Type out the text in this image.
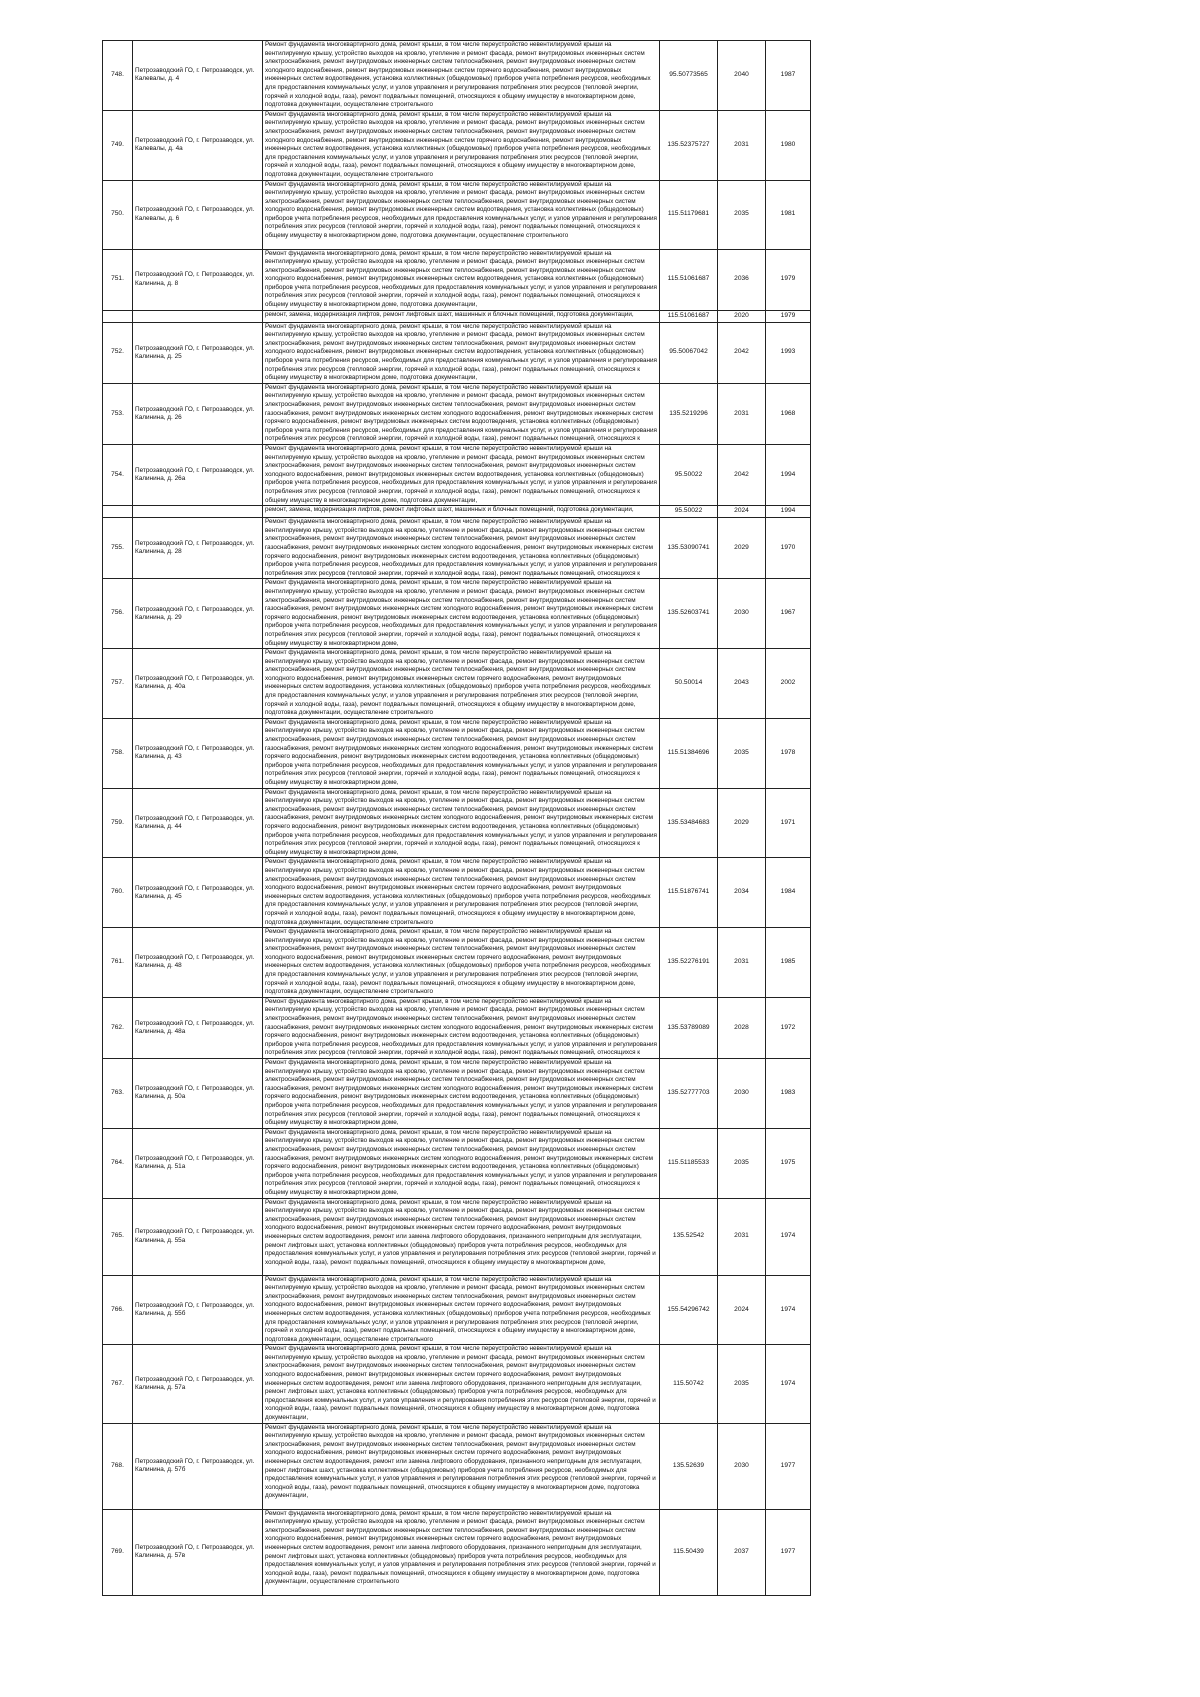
748.	Петрозаводский ГО, г. Петрозаводск, ул. Калевалы, д. 4	Ремонт фундамента многоквартирного дома, ремонт крыши, в том числе переустройство невентилируемой крыши на вентилируемую крышу, устройство выходов на кровлю, утепление и ремонт фасада, ремонт внутридомовых инженерных систем электроснабжения, ремонт внутридомовых инженерных систем теплоснабжения, ремонт внутридомовых инженерных систем холодного водоснабжения, ремонт внутридомовых инженерных систем горячего водоснабжения, ремонт внутридомовых инженерных систем водоотведения, установка коллективных (общедомовых) приборов учета потребления ресурсов, необходимых для предоставления коммунальных услуг, и узлов управления и регулирования потребления этих ресурсов (тепловой энергии, горячей и холодной воды, газа), ремонт подвальных помещений, относящихся к общему имуществу в многоквартирном доме, подготовка документации, осуществление строительного	95.50773565	2040	1987
749.	Петрозаводский ГО, г. Петрозаводск, ул. Калевалы, д. 4а	Ремонт фундамента многоквартирного дома, ремонт крыши, в том числе переустройство невентилируемой крыши на вентилируемую крышу, устройство выходов на кровлю, утепление и ремонт фасада, ремонт внутридомовых инженерных систем электроснабжения, ремонт внутридомовых инженерных систем теплоснабжения, ремонт внутридомовых инженерных систем холодного водоснабжения, ремонт внутридомовых инженерных систем горячего водоснабжения, ремонт внутридомовых инженерных систем водоотведения, установка коллективных (общедомовых) приборов учета потребления ресурсов, необходимых для предоставления коммунальных услуг, и узлов управления и регулирования потребления этих ресурсов (тепловой энергии, горячей и холодной воды, газа), ремонт подвальных помещений, относящихся к общему имуществу в многоквартирном доме, подготовка документации, осуществление строительного	135.52375727	2031	1980
750.	Петрозаводский ГО, г. Петрозаводск, ул. Калевалы, д. 6	Ремонт фундамента многоквартирного дома, ремонт крыши, в том числе переустройство невентилируемой крыши на вентилируемую крышу, устройство выходов на кровлю, утепление и ремонт фасада, ремонт внутридомовых инженерных систем электроснабжения, ремонт внутридомовых инженерных систем теплоснабжения, ремонт внутридомовых инженерных систем холодного водоснабжения, ремонт внутридомовых инженерных систем водоотведения, установка коллективных (общедомовых) приборов учета потребления ресурсов, необходимых для предоставления коммунальных услуг, и узлов управления и регулирования потребления этих ресурсов (тепловой энергии, горячей и холодной воды, газа), ремонт подвальных помещений, относящихся к общему имуществу в многоквартирном доме, подготовка документации, осуществление строительного	115.51179681	2035	1981
751.	Петрозаводский ГО, г. Петрозаводск, ул. Калинина, д. 8	Ремонт фундамента многоквартирного дома, ремонт крыши, в том числе переустройство невентилируемой крыши на вентилируемую крышу, устройство выходов на кровлю, утепление и ремонт фасада, ремонт внутридомовых инженерных систем электроснабжения, ремонт внутридомовых инженерных систем теплоснабжения, ремонт внутридомовых инженерных систем холодного водоснабжения, ремонт внутридомовых инженерных систем водоотведения, установка коллективных (общедомовых) приборов учета потребления ресурсов, необходимых для предоставления коммунальных услуг, и узлов управления и регулирования потребления этих ресурсов (тепловой энергии, горячей и холодной воды, газа), ремонт подвальных помещений, относящихся к общему имуществу в многоквартирном доме, подготовка документации,	115.51061687	2036	1979

		ремонт, замена, модернизация лифтов, ремонт лифтовых шахт, машинных и блочных помещений, подготовка документации,	115.51061687	2020	1979
752.	Петрозаводский ГО, г. Петрозаводск, ул. Калинина, д. 25	Ремонт фундамента многоквартирного дома, ремонт крыши, в том числе переустройство невентилируемой крыши на вентилируемую крышу, устройство выходов на кровлю, утепление и ремонт фасада, ремонт внутридомовых инженерных систем электроснабжения, ремонт внутридомовых инженерных систем теплоснабжения, ремонт внутридомовых инженерных систем холодного водоснабжения, ремонт внутридомовых инженерных систем водоотведения, установка коллективных (общедомовых) приборов учета потребления ресурсов, необходимых для предоставления коммунальных услуг, и узлов управления и регулирования потребления этих ресурсов (тепловой энергии, горячей и холодной воды, газа), ремонт подвальных помещений, относящихся к общему имуществу в многоквартирном доме, подготовка документации,	95.50067042	2042	1993
753.	Петрозаводский ГО, г. Петрозаводск, ул. Калинина, д. 26	Ремонт фундамента многоквартирного дома, ремонт крыши, в том числе переустройство невентилируемой крыши на вентилируемую крышу, устройство выходов на кровлю, утепление и ремонт фасада, ремонт внутридомовых инженерных систем электроснабжения, ремонт внутридомовых инженерных систем теплоснабжения, ремонт внутридомовых инженерных систем газоснабжения, ремонт внутридомовых инженерных систем холодного водоснабжения, ремонт внутридомовых инженерных систем горячего водоснабжения, ремонт внутридомовых инженерных систем водоотведения, установка коллективных (общедомовых) приборов учета потребления ресурсов, необходимых для предоставления коммунальных услуг, и узлов управления и регулирования потребления этих ресурсов (тепловой энергии, горячей и холодной воды, газа), ремонт подвальных помещений, относящихся к	135.5219296	2031	1968
754.	Петрозаводский ГО, г. Петрозаводск, ул. Калинина, д. 26а	Ремонт фундамента многоквартирного дома, ремонт крыши, в том числе переустройство невентилируемой крыши на вентилируемую крышу, устройство выходов на кровлю, утепление и ремонт фасада, ремонт внутридомовых инженерных систем электроснабжения, ремонт внутридомовых инженерных систем теплоснабжения, ремонт внутридомовых инженерных систем холодного водоснабжения, ремонт внутридомовых инженерных систем водоотведения, установка коллективных (общедомовых) приборов учета потребления ресурсов, необходимых для предоставления коммунальных услуг, и узлов управления и регулирования потребления этих ресурсов (тепловой энергии, горячей и холодной воды, газа), ремонт подвальных помещений, относящихся к общему имуществу в многоквартирном доме, подготовка документации,	95.50022	2042	1994

		ремонт, замена, модернизация лифтов, ремонт лифтовых шахт, машинных и блочных помещений, подготовка документации,	95.50022	2024	1994
755.	Петрозаводский ГО, г. Петрозаводск, ул. Калинина, д. 28	Ремонт фундамента многоквартирного дома, ремонт крыши, в том числе переустройство невентилируемой крыши на вентилируемую крышу, устройство выходов на кровлю, утепление и ремонт фасада, ремонт внутридомовых инженерных систем электроснабжения, ремонт внутридомовых инженерных систем теплоснабжения, ремонт внутридомовых инженерных систем газоснабжения, ремонт внутридомовых инженерных систем холодного водоснабжения, ремонт внутридомовых инженерных систем горячего водоснабжения, ремонт внутридомовых инженерных систем водоотведения, установка коллективных (общедомовых) приборов учета потребления ресурсов, необходимых для предоставления коммунальных услуг, и узлов управления и регулирования потребления этих ресурсов (тепловой энергии, горячей и холодной воды, газа), ремонт подвальных помещений, относящихся к	135.53090741	2029	1970
756.	Петрозаводский ГО, г. Петрозаводск, ул. Калинина, д. 29	Ремонт фундамента многоквартирного дома, ремонт крыши, в том числе переустройство невентилируемой крыши на вентилируемую крышу, устройство выходов на кровлю, утепление и ремонт фасада, ремонт внутридомовых инженерных систем электроснабжения, ремонт внутридомовых инженерных систем теплоснабжения, ремонт внутридомовых инженерных систем газоснабжения, ремонт внутридомовых инженерных систем холодного водоснабжения, ремонт внутридомовых инженерных систем горячего водоснабжения, ремонт внутридомовых инженерных систем водоотведения, установка коллективных (общедомовых) приборов учета потребления ресурсов, необходимых для предоставления коммунальных услуг, и узлов управления и регулирования потребления этих ресурсов (тепловой энергии, горячей и холодной воды, газа), ремонт подвальных помещений, относящихся к общему имуществу в многоквартирном доме,	135.52603741	2030	1967
757.	Петрозаводский ГО, г. Петрозаводск, ул. Калинина, д. 40а	Ремонт фундамента многоквартирного дома, ремонт крыши, в том числе переустройство невентилируемой крыши на вентилируемую крышу, устройство выходов на кровлю, утепление и ремонт фасада, ремонт внутридомовых инженерных систем электроснабжения, ремонт внутридомовых инженерных систем теплоснабжения, ремонт внутридомовых инженерных систем холодного водоснабжения, ремонт внутридомовых инженерных систем горячего водоснабжения, ремонт внутридомовых инженерных систем водоотведения, установка коллективных (общедомовых) приборов учета потребления ресурсов, необходимых для предоставления коммунальных услуг, и узлов управления и регулирования потребления этих ресурсов (тепловой энергии, горячей и холодной воды, газа), ремонт подвальных помещений, относящихся к общему имуществу в многоквартирном доме, подготовка документации, осуществление строительного	50.50014	2043	2002
758.	Петрозаводский ГО, г. Петрозаводск, ул. Калинина, д. 43	Ремонт фундамента многоквартирного дома, ремонт крыши, в том числе переустройство невентилируемой крыши на вентилируемую крышу, устройство выходов на кровлю, утепление и ремонт фасада, ремонт внутридомовых инженерных систем электроснабжения, ремонт внутридомовых инженерных систем теплоснабжения, ремонт внутридомовых инженерных систем газоснабжения, ремонт внутридомовых инженерных систем холодного водоснабжения, ремонт внутридомовых инженерных систем горячего водоснабжения, ремонт внутридомовых инженерных систем водоотведения, установка коллективных (общедомовых) приборов учета потребления ресурсов, необходимых для предоставления коммунальных услуг, и узлов управления и регулирования потребления этих ресурсов (тепловой энергии, горячей и холодной воды, газа), ремонт подвальных помещений, относящихся к общему имуществу в многоквартирном доме,	115.51384696	2035	1978
759.	Петрозаводский ГО, г. Петрозаводск, ул. Калинина, д. 44	Ремонт фундамента многоквартирного дома, ремонт крыши, в том числе переустройство невентилируемой крыши на вентилируемую крышу, устройство выходов на кровлю, утепление и ремонт фасада, ремонт внутридомовых инженерных систем электроснабжения, ремонт внутридомовых инженерных систем теплоснабжения, ремонт внутридомовых инженерных систем газоснабжения, ремонт внутридомовых инженерных систем холодного водоснабжения, ремонт внутридомовых инженерных систем горячего водоснабжения, ремонт внутридомовых инженерных систем водоотведения, установка коллективных (общедомовых) приборов учета потребления ресурсов, необходимых для предоставления коммунальных услуг, и узлов управления и регулирования потребления этих ресурсов (тепловой энергии, горячей и холодной воды, газа), ремонт подвальных помещений, относящихся к общему имуществу в многоквартирном доме,	135.53484683	2029	1971
760.	Петрозаводский ГО, г. Петрозаводск, ул. Калинина, д. 45	Ремонт фундамента многоквартирного дома, ремонт крыши, в том числе переустройство невентилируемой крыши на вентилируемую крышу, устройство выходов на кровлю, утепление и ремонт фасада, ремонт внутридомовых инженерных систем электроснабжения, ремонт внутридомовых инженерных систем теплоснабжения, ремонт внутридомовых инженерных систем холодного водоснабжения, ремонт внутридомовых инженерных систем горячего водоснабжения, ремонт внутридомовых инженерных систем водоотведения, установка коллективных (общедомовых) приборов учета потребления ресурсов, необходимых для предоставления коммунальных услуг, и узлов управления и регулирования потребления этих ресурсов (тепловой энергии, горячей и холодной воды, газа), ремонт подвальных помещений, относящихся к общему имуществу в многоквартирном доме, подготовка документации, осуществление строительного	115.51876741	2034	1984
761.	Петрозаводский ГО, г. Петрозаводск, ул. Калинина, д. 48	Ремонт фундамента многоквартирного дома, ремонт крыши, в том числе переустройство невентилируемой крыши на вентилируемую крышу, устройство выходов на кровлю, утепление и ремонт фасада, ремонт внутридомовых инженерных систем электроснабжения, ремонт внутридомовых инженерных систем теплоснабжения, ремонт внутридомовых инженерных систем холодного водоснабжения, ремонт внутридомовых инженерных систем горячего водоснабжения, ремонт внутридомовых инженерных систем водоотведения, установка коллективных (общедомовых) приборов учета потребления ресурсов, необходимых для предоставления коммунальных услуг, и узлов управления и регулирования потребления этих ресурсов (тепловой энергии, горячей и холодной воды, газа), ремонт подвальных помещений, относящихся к общему имуществу в многоквартирном доме, подготовка документации, осуществление строительного	135.52276191	2031	1985
762.	Петрозаводский ГО, г. Петрозаводск, ул. Калинина, д. 48а	Ремонт фундамента многоквартирного дома, ремонт крыши, в том числе переустройство невентилируемой крыши на вентилируемую крышу, устройство выходов на кровлю, утепление и ремонт фасада, ремонт внутридомовых инженерных систем электроснабжения, ремонт внутридомовых инженерных систем теплоснабжения, ремонт внутридомовых инженерных систем газоснабжения, ремонт внутридомовых инженерных систем холодного водоснабжения, ремонт внутридомовых инженерных систем горячего водоснабжения, ремонт внутридомовых инженерных систем водоотведения, установка коллективных (общедомовых) приборов учета потребления ресурсов, необходимых для предоставления коммунальных услуг, и узлов управления и регулирования потребления этих ресурсов (тепловой энергии, горячей и холодной воды, газа), ремонт подвальных помещений, относящихся к	135.53789089	2028	1972
763.	Петрозаводский ГО, г. Петрозаводск, ул. Калинина, д. 50а	Ремонт фундамента многоквартирного дома, ремонт крыши, в том числе переустройство невентилируемой крыши на вентилируемую крышу, устройство выходов на кровлю, утепление и ремонт фасада, ремонт внутридомовых инженерных систем электроснабжения, ремонт внутридомовых инженерных систем теплоснабжения, ремонт внутридомовых инженерных систем газоснабжения, ремонт внутридомовых инженерных систем холодного водоснабжения, ремонт внутридомовых инженерных систем горячего водоснабжения, ремонт внутридомовых инженерных систем водоотведения, установка коллективных (общедомовых) приборов учета потребления ресурсов, необходимых для предоставления коммунальных услуг, и узлов управления и регулирования потребления этих ресурсов (тепловой энергии, горячей и холодной воды, газа), ремонт подвальных помещений, относящихся к общему имуществу в многоквартирном доме,	135.52777703	2030	1983
764.	Петрозаводский ГО, г. Петрозаводск, ул. Калинина, д. 51а	Ремонт фундамента многоквартирного дома, ремонт крыши, в том числе переустройство невентилируемой крыши на вентилируемую крышу, устройство выходов на кровлю, утепление и ремонт фасада, ремонт внутридомовых инженерных систем электроснабжения, ремонт внутридомовых инженерных систем теплоснабжения, ремонт внутридомовых инженерных систем газоснабжения, ремонт внутридомовых инженерных систем холодного водоснабжения, ремонт внутридомовых инженерных систем горячего водоснабжения, ремонт внутридомовых инженерных систем водоотведения, установка коллективных (общедомовых) приборов учета потребления ресурсов, необходимых для предоставления коммунальных услуг, и узлов управления и регулирования потребления этих ресурсов (тепловой энергии, горячей и холодной воды, газа), ремонт подвальных помещений, относящихся к общему имуществу в многоквартирном доме,	115.51185533	2035	1975
765.	Петрозаводский ГО, г. Петрозаводск, ул. Калинина, д. 55а	Ремонт фундамента многоквартирного дома, ремонт крыши, в том числе переустройство невентилируемой крыши на вентилируемую крышу, устройство выходов на кровлю, утепление и ремонт фасада, ремонт внутридомовых инженерных систем электроснабжения, ремонт внутридомовых инженерных систем теплоснабжения, ремонт внутридомовых инженерных систем холодного водоснабжения, ремонт внутридомовых инженерных систем горячего водоснабжения, ремонт внутридомовых инженерных систем водоотведения, ремонт или замена лифтового оборудования, признанного непригодным для эксплуатации, ремонт лифтовых шахт, установка коллективных (общедомовых) приборов учета потребления ресурсов, необходимых для предоставления коммунальных услуг, и узлов управления и регулирования потребления этих ресурсов (тепловой энергии, горячей и холодной воды, газа), ремонт подвальных помещений, относящихся к общему имуществу в многоквартирном доме,	135.52542	2031	1974
766.	Петрозаводский ГО, г. Петрозаводск, ул. Калинина, д. 55б	Ремонт фундамента многоквартирного дома, ремонт крыши, в том числе переустройство невентилируемой крыши на вентилируемую крышу, устройство выходов на кровлю, утепление и ремонт фасада, ремонт внутридомовых инженерных систем электроснабжения, ремонт внутридомовых инженерных систем теплоснабжения, ремонт внутридомовых инженерных систем холодного водоснабжения, ремонт внутридомовых инженерных систем горячего водоснабжения, ремонт внутридомовых инженерных систем водоотведения, установка коллективных (общедомовых) приборов учета потребления ресурсов, необходимых для предоставления коммунальных услуг, и узлов управления и регулирования потребления этих ресурсов (тепловой энергии, горячей и холодной воды, газа), ремонт подвальных помещений, относящихся к общему имуществу в многоквартирном доме, подготовка документации, осуществление строительного	155.54296742	2024	1974
767.	Петрозаводский ГО, г. Петрозаводск, ул. Калинина, д. 57а	Ремонт фундамента многоквартирного дома, ремонт крыши, в том числе переустройство невентилируемой крыши на вентилируемую крышу, устройство выходов на кровлю, утепление и ремонт фасада, ремонт внутридомовых инженерных систем электроснабжения, ремонт внутридомовых инженерных систем теплоснабжения, ремонт внутридомовых инженерных систем холодного водоснабжения, ремонт внутридомовых инженерных систем горячего водоснабжения, ремонт внутридомовых инженерных систем водоотведения, ремонт или замена лифтового оборудования, признанного непригодным для эксплуатации, ремонт лифтовых шахт, установка коллективных (общедомовых) приборов учета потребления ресурсов, необходимых для предоставления коммунальных услуг, и узлов управления и регулирования потребления этих ресурсов (тепловой энергии, горячей и холодной воды, газа), ремонт подвальных помещений, относящихся к общему имуществу в многоквартирном доме, подготовка документации,	115.50742	2035	1974
768.	Петрозаводский ГО, г. Петрозаводск, ул. Калинина, д. 57б	Ремонт фундамента многоквартирного дома, ремонт крыши, в том числе переустройство невентилируемой крыши на вентилируемую крышу, устройство выходов на кровлю, утепление и ремонт фасада, ремонт внутридомовых инженерных систем электроснабжения, ремонт внутридомовых инженерных систем теплоснабжения, ремонт внутридомовых инженерных систем холодного водоснабжения, ремонт внутридомовых инженерных систем горячего водоснабжения, ремонт внутридомовых инженерных систем водоотведения, ремонт или замена лифтового оборудования, признанного непригодным для эксплуатации, ремонт лифтовых шахт, установка коллективных (общедомовых) приборов учета потребления ресурсов, необходимых для предоставления коммунальных услуг, и узлов управления и регулирования потребления этих ресурсов (тепловой энергии, горячей и холодной воды, газа), ремонт подвальных помещений, относящихся к общему имуществу в многоквартирном доме, подготовка документации,	135.52639	2030	1977
769.	Петрозаводский ГО, г. Петрозаводск, ул. Калинина, д. 57в	Ремонт фундамента многоквартирного дома, ремонт крыши, в том числе переустройство невентилируемой крыши на вентилируемую крышу, устройство выходов на кровлю, утепление и ремонт фасада, ремонт внутридомовых инженерных систем электроснабжения, ремонт внутридомовых инженерных систем теплоснабжения, ремонт внутридомовых инженерных систем холодного водоснабжения, ремонт внутридомовых инженерных систем горячего водоснабжения, ремонт внутридомовых инженерных систем водоотведения, ремонт или замена лифтового оборудования, признанного непригодным для эксплуатации, ремонт лифтовых шахт, установка коллективных (общедомовых) приборов учета потребления ресурсов, необходимых для предоставления коммунальных услуг, и узлов управления и регулирования потребления этих ресурсов (тепловой энергии, горячей и холодной воды, газа), ремонт подвальных помещений, относящихся к общему имуществу в многоквартирном доме, подготовка документации, осуществление строительного	115.50439	2037	1977
